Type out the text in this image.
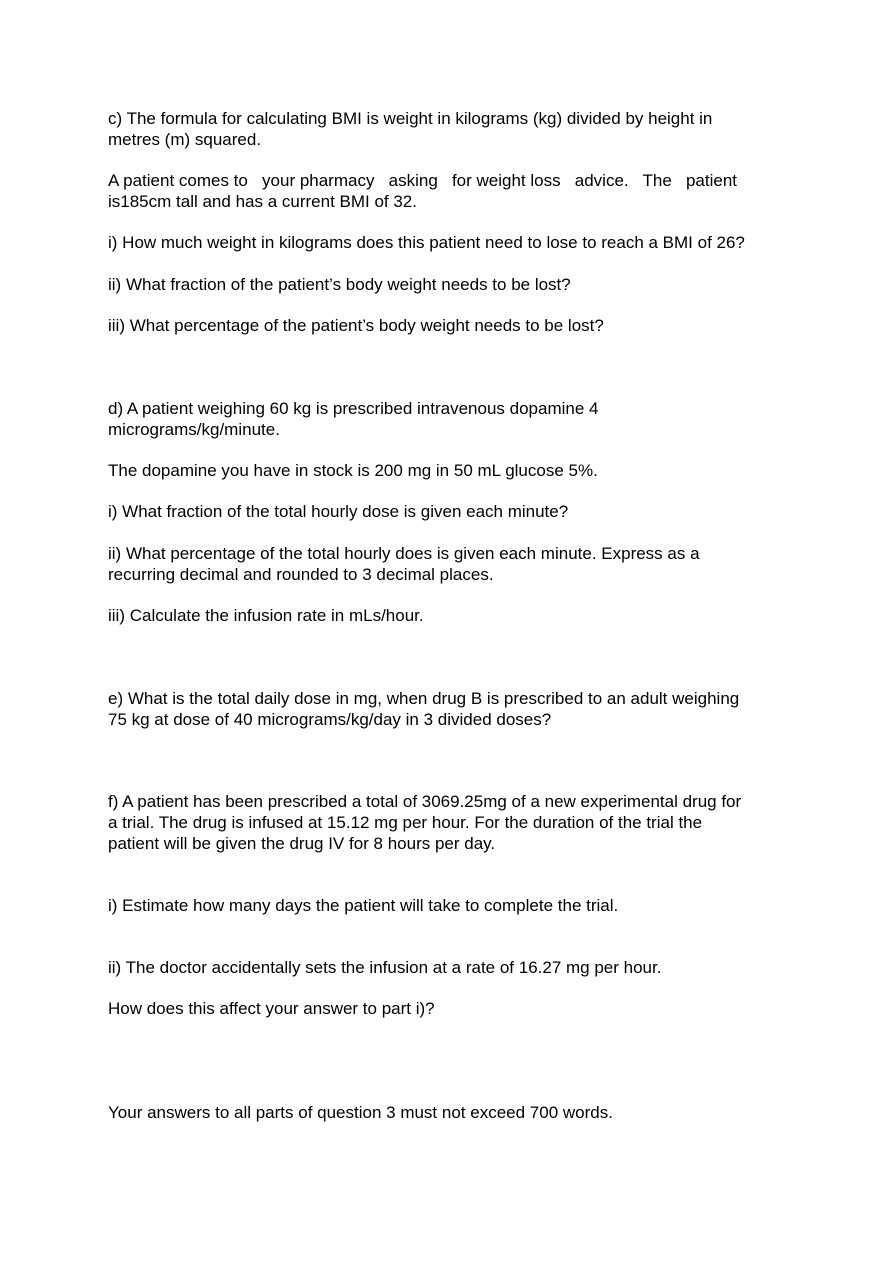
c) The formula for calculating BMI is weight in kilograms (kg) divided by height in

metres (m) squared.

A patient comes to   your pharmacy   asking   for weight loss   advice.   The   patient

is185cm tall and has a current BMI of 32.

i) How much weight in kilograms does this patient need to lose to reach a BMI of 26?

ii) What fraction of the patient’s body weight needs to be lost?

iii) What percentage of the patient’s body weight needs to be lost?

d) A patient weighing 60 kg is prescribed intravenous dopamine 4

micrograms/kg/minute.

The dopamine you have in stock is 200 mg in 50 mL glucose 5%.

i) What fraction of the total hourly dose is given each minute?

ii) What percentage of the total hourly does is given each minute. Express as a

recurring decimal and rounded to 3 decimal places.

iii) Calculate the infusion rate in mLs/hour.

e) What is the total daily dose in mg, when drug B is prescribed to an adult weighing

75 kg at dose of 40 micrograms/kg/day in 3 divided doses?

f) A patient has been prescribed a total of 3069.25mg of a new experimental drug for

a trial. The drug is infused at 15.12 mg per hour. For the duration of the trial the

patient will be given the drug IV for 8 hours per day.

i) Estimate how many days the patient will take to complete the trial.

ii) The doctor accidentally sets the infusion at a rate of 16.27 mg per hour.

How does this affect your answer to part i)?

Your answers to all parts of question 3 must not exceed 700 words.
